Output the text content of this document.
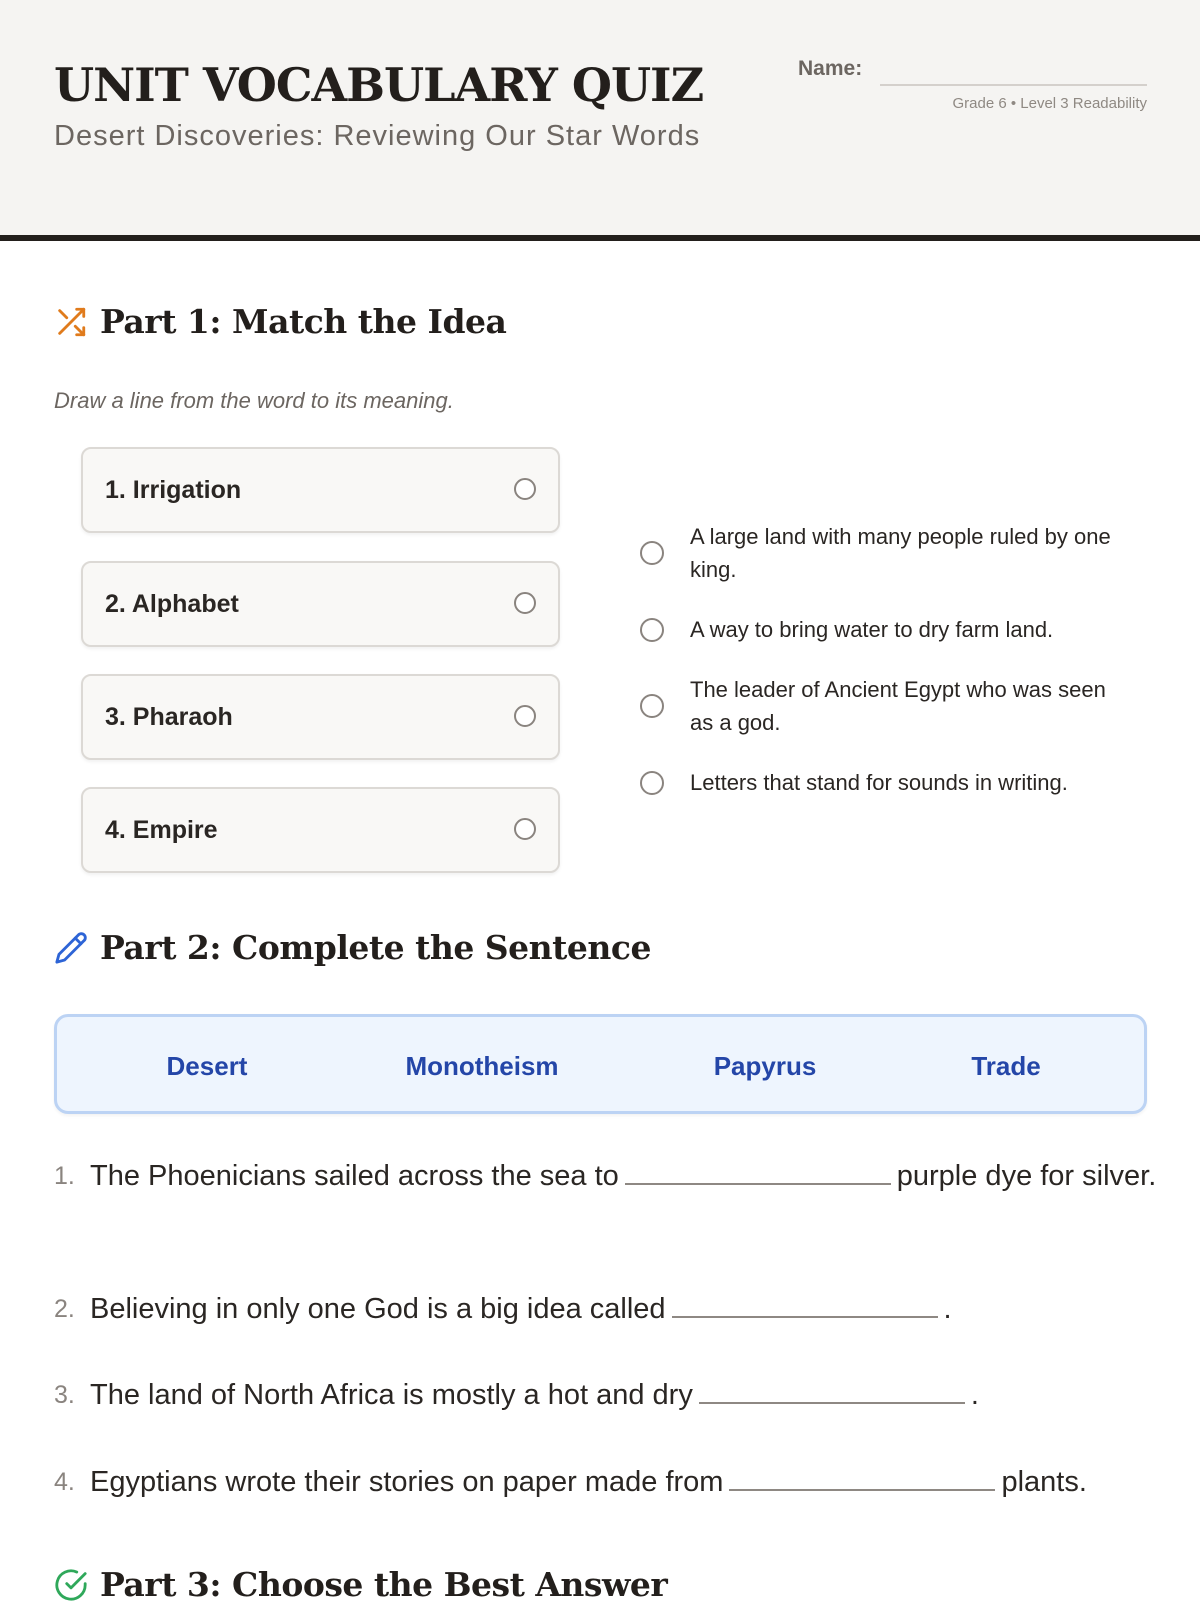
UNIT VOCABULARY QUIZ
Desert Discoveries: Reviewing Our Star Words
Name:
Grade 6 • Level 3 Readability
Part 1: Match the Idea
Draw a line from the word to its meaning.
1. Irrigation
2. Alphabet
3. Pharaoh
4. Empire
A large land with many people ruled by one king.
A way to bring water to dry farm land.
The leader of Ancient Egypt who was seen as a god.
Letters that stand for sounds in writing.
Part 2: Complete the Sentence
Desert	Monotheism	Papyrus	Trade
1. The Phoenicians sailed across the sea to	purple dye for silver.
2. Believing in only one God is a big idea called	.
3. The land of North Africa is mostly a hot and dry	.
4. Egyptians wrote their stories on paper made from	plants.
Part 3: Choose the Best Answer
